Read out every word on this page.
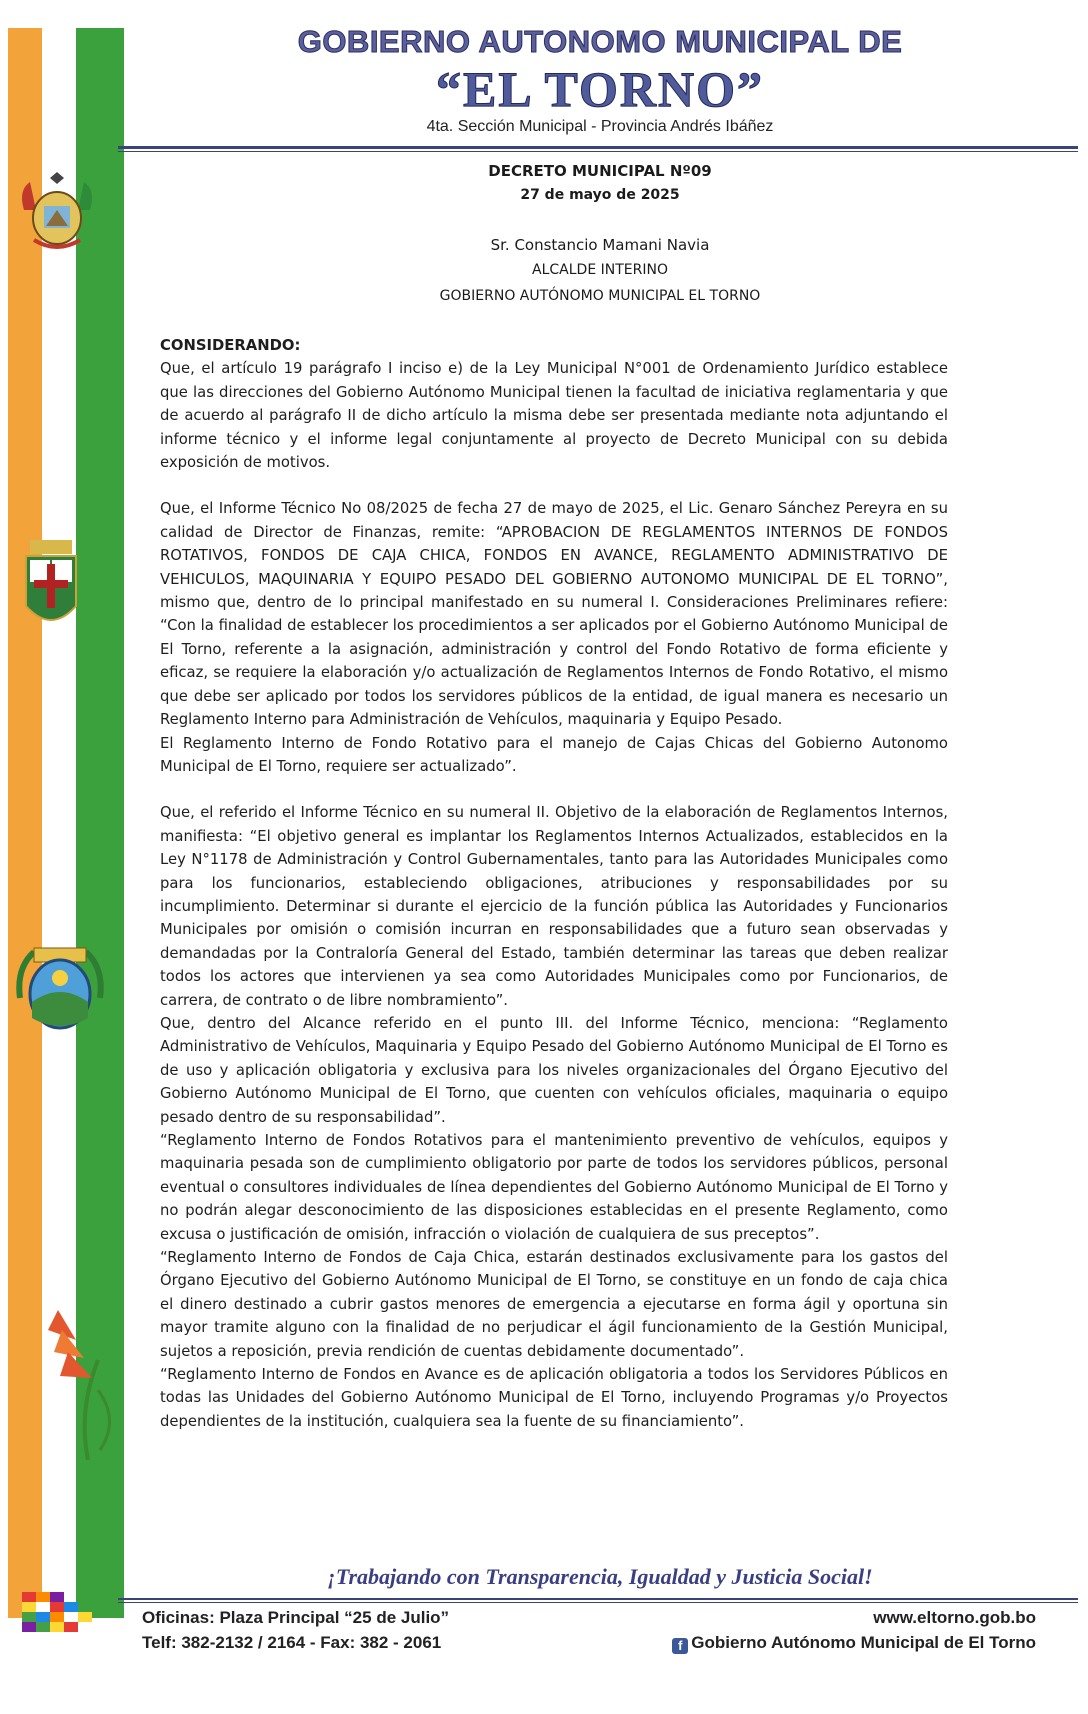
GOBIERNO AUTONOMO MUNICIPAL DE
“EL TORNO”
4ta. Sección Municipal - Provincia Andrés Ibáñez
DECRETO MUNICIPAL Nº09
27 de mayo de 2025
Sr. Constancio Mamani Navia
ALCALDE INTERINO
GOBIERNO AUTÓNOMO MUNICIPAL EL TORNO

CONSIDERANDO:

Que, el artículo 19 parágrafo I inciso e) de la Ley Municipal N°001 de Ordenamiento Jurídico establece que las direcciones del Gobierno Autónomo Municipal tienen la facultad de iniciativa reglamentaria y que de acuerdo al parágrafo II de dicho artículo la misma debe ser presentada mediante nota adjuntando el informe técnico y el informe legal conjuntamente al proyecto de Decreto Municipal con su debida exposición de motivos.

Que, el Informe Técnico No 08/2025 de fecha 27 de mayo de 2025, el Lic. Genaro Sánchez Pereyra en su calidad de Director de Finanzas, remite: “APROBACION DE REGLAMENTOS INTERNOS DE FONDOS ROTATIVOS, FONDOS DE CAJA CHICA, FONDOS EN AVANCE, REGLAMENTO ADMINISTRATIVO DE VEHICULOS, MAQUINARIA Y EQUIPO PESADO DEL GOBIERNO AUTONOMO MUNICIPAL DE EL TORNO”, mismo que, dentro de lo principal manifestado en su numeral I. Consideraciones Preliminares refiere: “Con la finalidad de establecer los procedimientos a ser aplicados por el Gobierno Autónomo Municipal de El Torno, referente a la asignación, administración y control del Fondo Rotativo de forma eficiente y eficaz, se requiere la elaboración y/o actualización de Reglamentos Internos de Fondo Rotativo, el mismo que debe ser aplicado por todos los servidores públicos de la entidad, de igual manera es necesario un Reglamento Interno para Administración de Vehículos, maquinaria y Equipo Pesado.

El Reglamento Interno de Fondo Rotativo para el manejo de Cajas Chicas del Gobierno Autonomo Municipal de El Torno, requiere ser actualizado”.

Que, el referido el Informe Técnico en su numeral II. Objetivo de la elaboración de Reglamentos Internos, manifiesta: “El objetivo general es implantar los Reglamentos Internos Actualizados, establecidos en la Ley N°1178 de Administración y Control Gubernamentales, tanto para las Autoridades Municipales como para los funcionarios, estableciendo obligaciones, atribuciones y responsabilidades por su incumplimiento. Determinar si durante el ejercicio de la función pública las Autoridades y Funcionarios Municipales por omisión o comisión incurran en responsabilidades que a futuro sean observadas y demandadas por la Contraloría General del Estado, también determinar las tareas que deben realizar todos los actores que intervienen ya sea como Autoridades Municipales como por Funcionarios, de carrera, de contrato o de libre nombramiento”.

Que, dentro del Alcance referido en el punto III. del Informe Técnico, menciona: “Reglamento Administrativo de Vehículos, Maquinaria y Equipo Pesado del Gobierno Autónomo Municipal de El Torno es de uso y aplicación obligatoria y exclusiva para los niveles organizacionales del Órgano Ejecutivo del Gobierno Autónomo Municipal de El Torno, que cuenten con vehículos oficiales, maquinaria o equipo pesado dentro de su responsabilidad”.

“Reglamento Interno de Fondos Rotativos para el mantenimiento preventivo de vehículos, equipos y maquinaria pesada son de cumplimiento obligatorio por parte de todos los servidores públicos, personal eventual o consultores individuales de línea dependientes del Gobierno Autónomo Municipal de El Torno y no podrán alegar desconocimiento de las disposiciones establecidas en el presente Reglamento, como excusa o justificación de omisión, infracción o violación de cualquiera de sus preceptos”.

“Reglamento Interno de Fondos de Caja Chica, estarán destinados exclusivamente para los gastos del Órgano Ejecutivo del Gobierno Autónomo Municipal de El Torno, se constituye en un fondo de caja chica el dinero destinado a cubrir gastos menores de emergencia a ejecutarse en forma ágil y oportuna sin mayor tramite alguno con la finalidad de no perjudicar el ágil funcionamiento de la Gestión Municipal, sujetos a reposición, previa rendición de cuentas debidamente documentado”.

“Reglamento Interno de Fondos en Avance es de aplicación obligatoria a todos los Servidores Públicos en todas las Unidades del Gobierno Autónomo Municipal de El Torno, incluyendo Programas y/o Proyectos dependientes de la institución, cualquiera sea la fuente de su financiamiento”.

¡Trabajando con Transparencia, Igualdad y Justicia Social!
Oficinas: Plaza Principal “25 de Julio”
Telf: 382-2132 / 2164 - Fax: 382 - 2061
www.eltorno.gob.bo
f Gobierno Autónomo Municipal de El Torno
